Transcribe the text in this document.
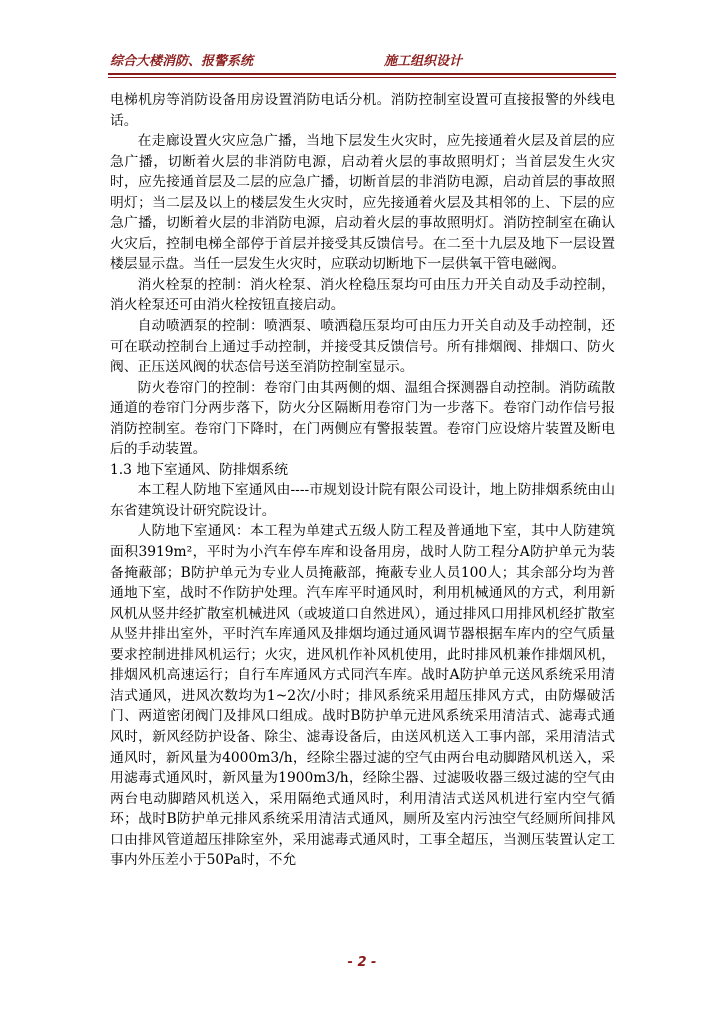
综合大楼消防、报警系统	施工组织设计

电梯机房等消防设备用房设置消防电话分机。消防控制室设置可直接报警的外线电话。

在走廊设置火灾应急广播，当地下层发生火灾时，应先接通着火层及首层的应急广播，切断着火层的非消防电源，启动着火层的事故照明灯；当首层发生火灾时，应先接通首层及二层的应急广播，切断首层的非消防电源，启动首层的事故照明灯；当二层及以上的楼层发生火灾时，应先接通着火层及其相邻的上、下层的应急广播，切断着火层的非消防电源，启动着火层的事故照明灯。消防控制室在确认火灾后，控制电梯全部停于首层并接受其反馈信号。在二至十九层及地下一层设置楼层显示盘。当任一层发生火灾时，应联动切断地下一层供氧干管电磁阀。

消火栓泵的控制：消火栓泵、消火栓稳压泵均可由压力开关自动及手动控制，消火栓泵还可由消火栓按钮直接启动。

自动喷洒泵的控制：喷洒泵、喷洒稳压泵均可由压力开关自动及手动控制，还可在联动控制台上通过手动控制，并接受其反馈信号。所有排烟阀、排烟口、防火阀、正压送风阀的状态信号送至消防控制室显示。

防火卷帘门的控制：卷帘门由其两侧的烟、温组合探测器自动控制。消防疏散通道的卷帘门分两步落下，防火分区隔断用卷帘门为一步落下。卷帘门动作信号报消防控制室。卷帘门下降时，在门两侧应有警报装置。卷帘门应设熔片装置及断电后的手动装置。

1.3 地下室通风、防排烟系统

本工程人防地下室通风由----市规划设计院有限公司设计，地上防排烟系统由山东省建筑设计研究院设计。

人防地下室通风：本工程为单建式五级人防工程及普通地下室，其中人防建筑面积3919m²，平时为小汽车停车库和设备用房，战时人防工程分A防护单元为装备掩蔽部；B防护单元为专业人员掩蔽部，掩蔽专业人员100人；其余部分均为普通地下室，战时不作防护处理。汽车库平时通风时，利用机械通风的方式，利用新风机从竖井经扩散室机械进风（或坡道口自然进风），通过排风口用排风机经扩散室从竖井排出室外，平时汽车库通风及排烟均通过通风调节器根据车库内的空气质量要求控制进排风机运行；火灾，进风机作补风机使用，此时排风机兼作排烟风机，排烟风机高速运行；自行车库通风方式同汽车库。战时A防护单元送风系统采用清洁式通风，进风次数均为1~2次/小时；排风系统采用超压排风方式，由防爆破活门、两道密闭阀门及排风口组成。战时B防护单元进风系统采用清洁式、滤毒式通风时，新风经防护设备、除尘、滤毒设备后，由送风机送入工事内部，采用清洁式通风时，新风量为4000m3/h，经除尘器过滤的空气由两台电动脚踏风机送入，采用滤毒式通风时，新风量为1900m3/h，经除尘器、过滤吸收器三级过滤的空气由两台电动脚踏风机送入，采用隔绝式通风时，利用清洁式送风机进行室内空气循环；战时B防护单元排风系统采用清洁式通风，厕所及室内污浊空气经厕所间排风口由排风管道超压排除室外，采用滤毒式通风时，工事全超压，当测压装置认定工事内外压差小于50Pa时，不允

- 2 -
